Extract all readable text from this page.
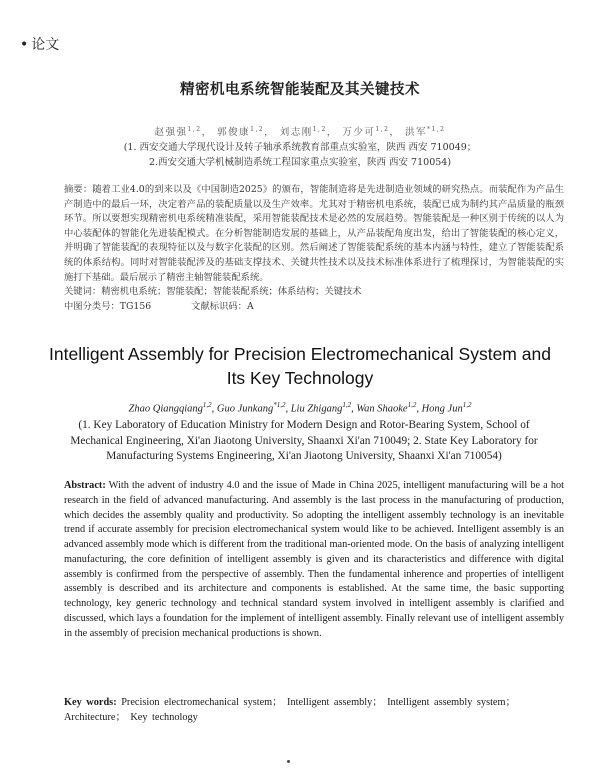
• 论文
精密机电系统智能装配及其关键技术
赵强强$^{1,2}$， 郭俊康$^{1,2}$， 刘志刚$^{1,2}$， 万少可$^{1,2}$， 洪军$^{*1,2}$
(1. 西安交通大学现代设计及转子轴承系统教育部重点实验室，陕西 西安 710049；
2.西安交通大学机械制造系统工程国家重点实验室，陕西 西安 710054)

摘要：随着工业4.0的到来以及《中国制造2025》的颁布，智能制造将是先进制造业领域的研究热点。而装配作为产品生产制造中的最后一环，决定着产品的装配质量以及生产效率。尤其对于精密机电系统，装配已成为制约其产品质量的瓶颈环节。所以要想实现精密机电系统精准装配，采用智能装配技术是必然的发展趋势。智能装配是一种区别于传统的以人为中心装配体的智能化先进装配模式。在分析智能制造发展的基础上，从产品装配角度出发，给出了智能装配的核心定义，并明确了智能装配的表现特征以及与数字化装配的区别。然后阐述了智能装配系统的基本内涵与特性，建立了智能装配系统的体系结构。同时对智能装配涉及的基础支撑技术、关键共性技术以及技术标准体系进行了梳理探讨，为智能装配的实施打下基础。最后展示了精密主轴智能装配系统。

关键词：精密机电系统；智能装配；智能装配系统；体系结构；关键技术
中图分类号：TG156	文献标识码：A
Intelligent Assembly for Precision Electromechanical System and Its Key Technology
Zhao Qiangqiang$^{1,2}$, Guo Junkang$^{*1,2}$, Liu Zhigang$^{1,2}$, Wan Shaoke$^{1,2}$, Hong Jun$^{1,2}$
(1. Key Laboratory of Education Ministry for Modern Design and Rotor-Bearing System, School of Mechanical Engineering, Xi'an Jiaotong University, Shaanxi Xi'an 710049; 2. State Key Laboratory for Manufacturing Systems Engineering, Xi'an Jiaotong University, Shaanxi Xi'an 710054)
Abstract: With the advent of industry 4.0 and the issue of Made in China 2025, intelligent manufacturing will be a hot research in the field of advanced manufacturing. And assembly is the last process in the manufacturing of production, which decides the assembly quality and productivity. So adopting the intelligent assembly technology is an inevitable trend if accurate assembly for precision electromechanical system would like to be achieved. Intelligent assembly is an advanced assembly mode which is different from the traditional man-oriented mode. On the basis of analyzing intelligent manufacturing, the core definition of intelligent assembly is given and its characteristics and difference with digital assembly is confirmed from the perspective of assembly. Then the fundamental inherence and properties of intelligent assembly is described and its architecture and components is established. At the same time, the basic supporting technology, key generic technology and technical standard system involved in intelligent assembly is clarified and discussed, which lays a foundation for the implement of intelligent assembly. Finally relevant use of intelligent assembly in the assembly of precision mechanical productions is shown.
Key words: Precision electromechanical system； Intelligent assembly； Intelligent assembly system； Architecture； Key technology
